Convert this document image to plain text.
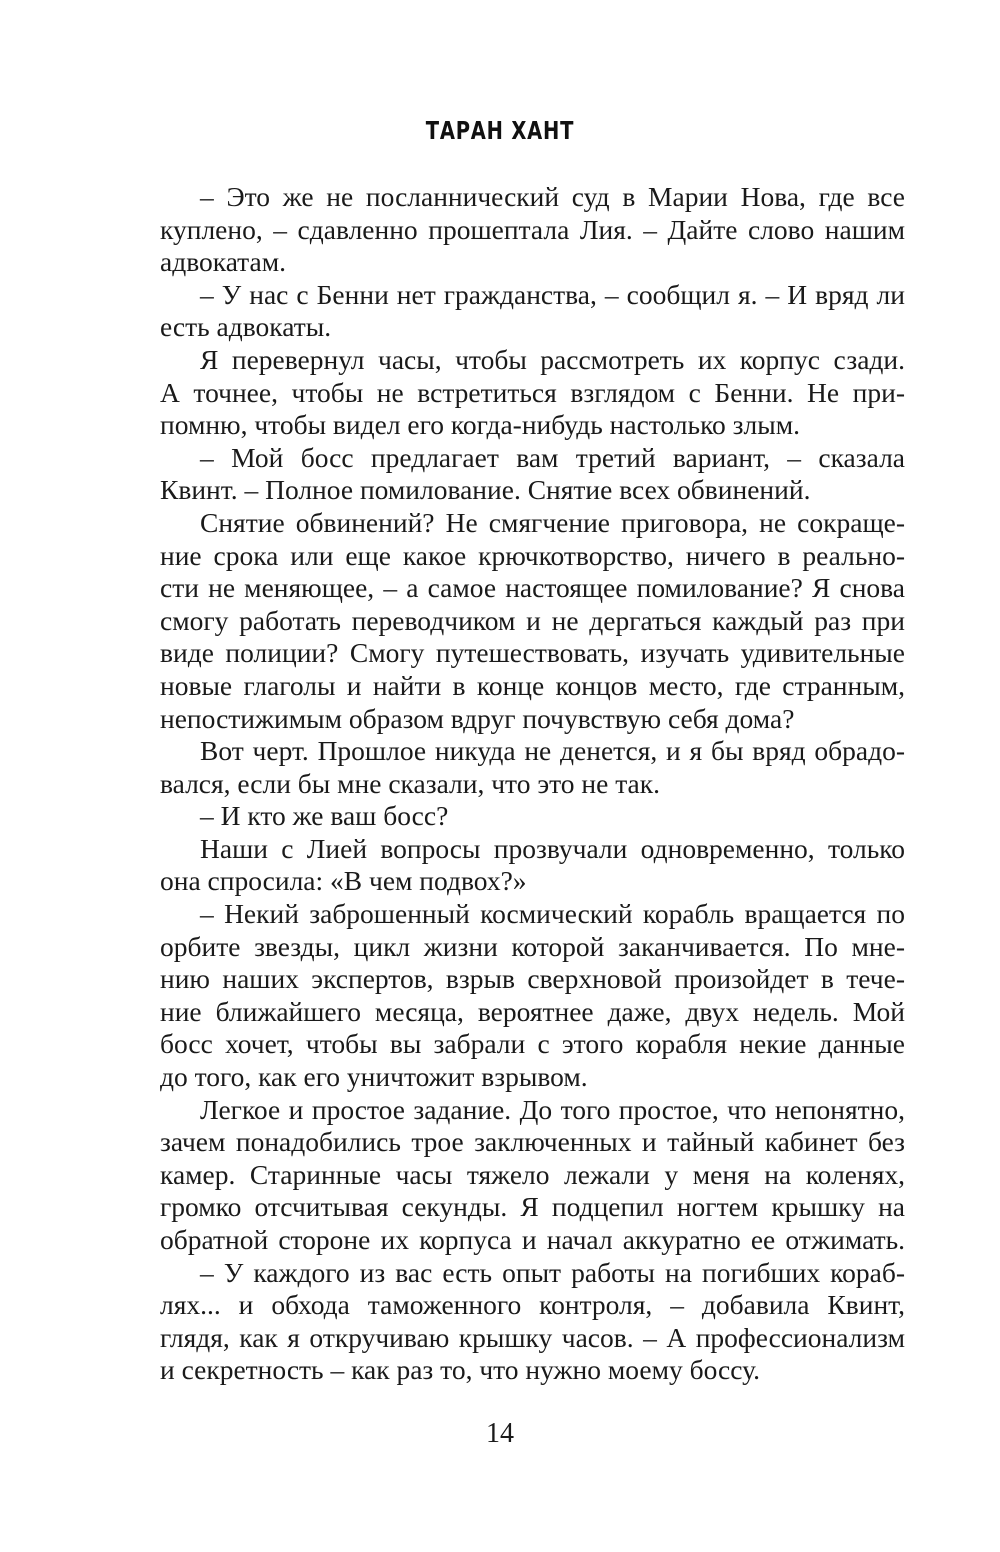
ТАРАН ХАНТ
– Это же не посланнический суд в Марии Нова, где все
куплено, – сдавленно прошептала Лия. – Дайте слово нашим
адвокатам.
– У нас с Бенни нет гражданства, – сообщил я. – И вряд ли
есть адвокаты.
Я перевернул часы, чтобы рассмотреть их корпус сзади.
А точнее, чтобы не встретиться взглядом с Бенни. Не при-
помню, чтобы видел его когда-нибудь настолько злым.
– Мой босс предлагает вам третий вариант, – сказала
Квинт. – Полное помилование. Снятие всех обвинений.
Снятие обвинений? Не смягчение приговора, не сокраще-
ние срока или еще какое крючкотворство, ничего в реально-
сти не меняющее, – а самое настоящее помилование? Я снова
смогу работать переводчиком и не дергаться каждый раз при
виде полиции? Смогу путешествовать, изучать удивительные
новые глаголы и найти в конце концов место, где странным,
непостижимым образом вдруг почувствую себя дома?
Вот черт. Прошлое никуда не денется, и я бы вряд обрадо-
вался, если бы мне сказали, что это не так.
– И кто же ваш босс?
Наши с Лией вопросы прозвучали одновременно, только
она спросила: «В чем подвох?»
– Некий заброшенный космический корабль вращается по
орбите звезды, цикл жизни которой заканчивается. По мне-
нию наших экспертов, взрыв сверхновой произойдет в тече-
ние ближайшего месяца, вероятнее даже, двух недель. Мой
босс хочет, чтобы вы забрали с этого корабля некие данные
до того, как его уничтожит взрывом.
Легкое и простое задание. До того простое, что непонятно,
зачем понадобились трое заключенных и тайный кабинет без
камер. Старинные часы тяжело лежали у меня на коленях,
громко отсчитывая секунды. Я подцепил ногтем крышку на
обратной стороне их корпуса и начал аккуратно ее отжимать.
– У каждого из вас есть опыт работы на погибших кораб-
лях... и обхода таможенного контроля, – добавила Квинт,
глядя, как я откручиваю крышку часов. – А профессионализм
и секретность – как раз то, что нужно моему боссу.
14
